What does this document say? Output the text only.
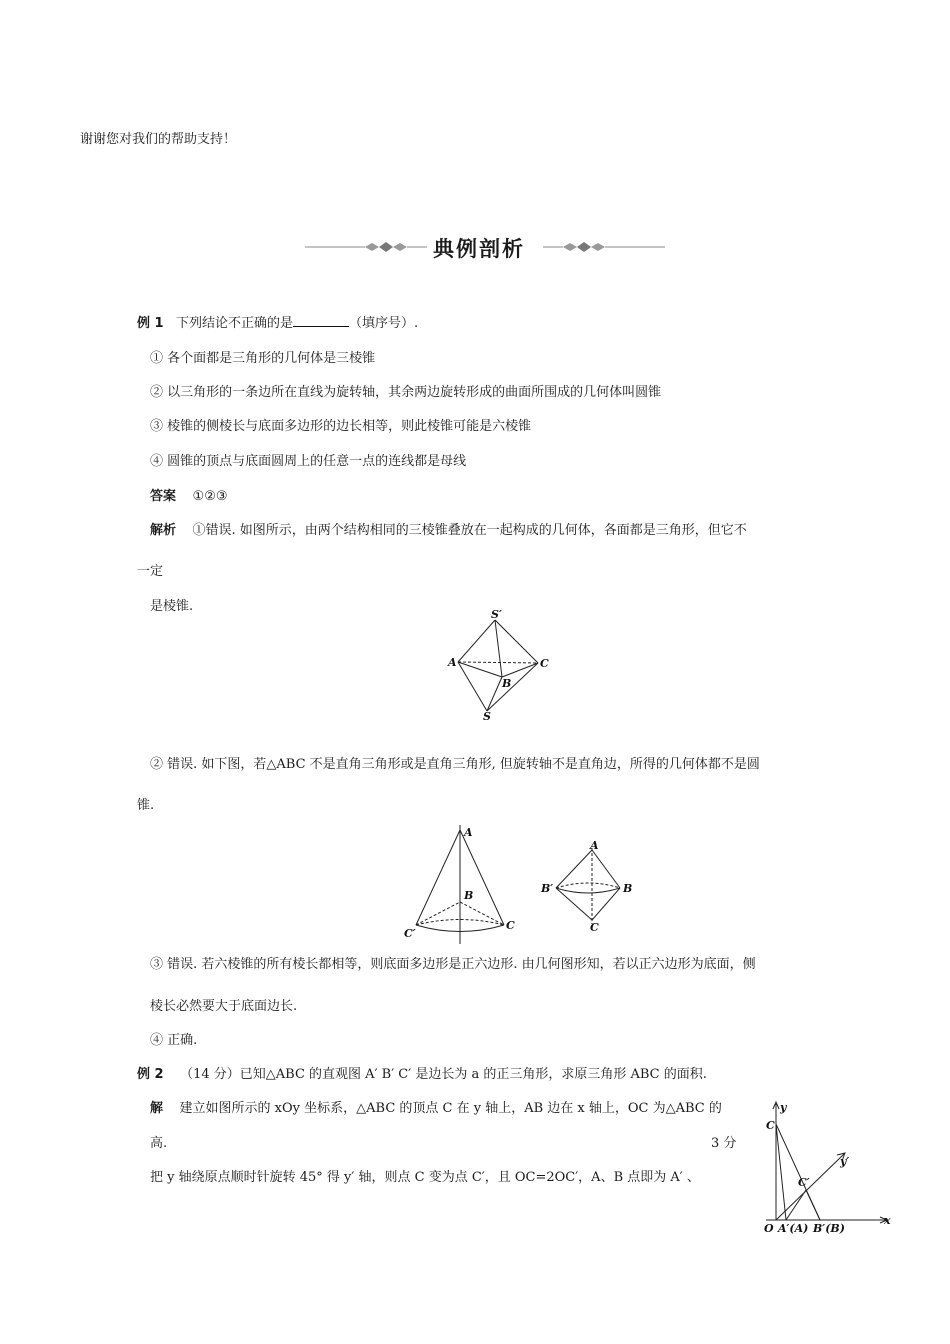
谢谢您对我们的帮助支持！
典例剖析
例 1 下列结论不正确的是	（填序号）.
① 各个面都是三角形的几何体是三棱锥
② 以三角形的一条边所在直线为旋转轴，其余两边旋转形成的曲面所围成的几何体叫圆锥
③ 棱锥的侧棱长与底面多边形的边长相等，则此棱锥可能是六棱锥
④ 圆锥的顶点与底面圆周上的任意一点的连线都是母线
答案 ①②③
解析 ①错误. 如图所示，由两个结构相同的三棱锥叠放在一起构成的几何体，各面都是三角形，但它不
一定
是棱锥.
S′
A	C
B
S
② 错误. 如下图，若△ABC 不是直角三角形或是直角三角形, 但旋转轴不是直角边，所得的几何体都不是圆
锥.
A
B
C
C′
A
B′	B
C
③ 错误. 若六棱锥的所有棱长都相等，则底面多边形是正六边形. 由几何图形知，若以正六边形为底面，侧
棱长必然要大于底面边长.
④ 正确.
例 2 （14 分）已知△ABC 的直观图 A′ B′ C′ 是边长为 a 的正三角形，求原三角形 ABC 的面积.
解 建立如图所示的 xOy 坐标系，△ABC 的顶点 C 在 y 轴上，AB 边在 x 轴上，OC 为△ABC 的
高.	3 分
把 y 轴绕原点顺时针旋转 45° 得 y′ 轴，则点 C 变为点 C′，且 OC=2OC′，A、B 点即为 A′ 、
y
C
y′
C′
O A′(A) B′(B)
x
